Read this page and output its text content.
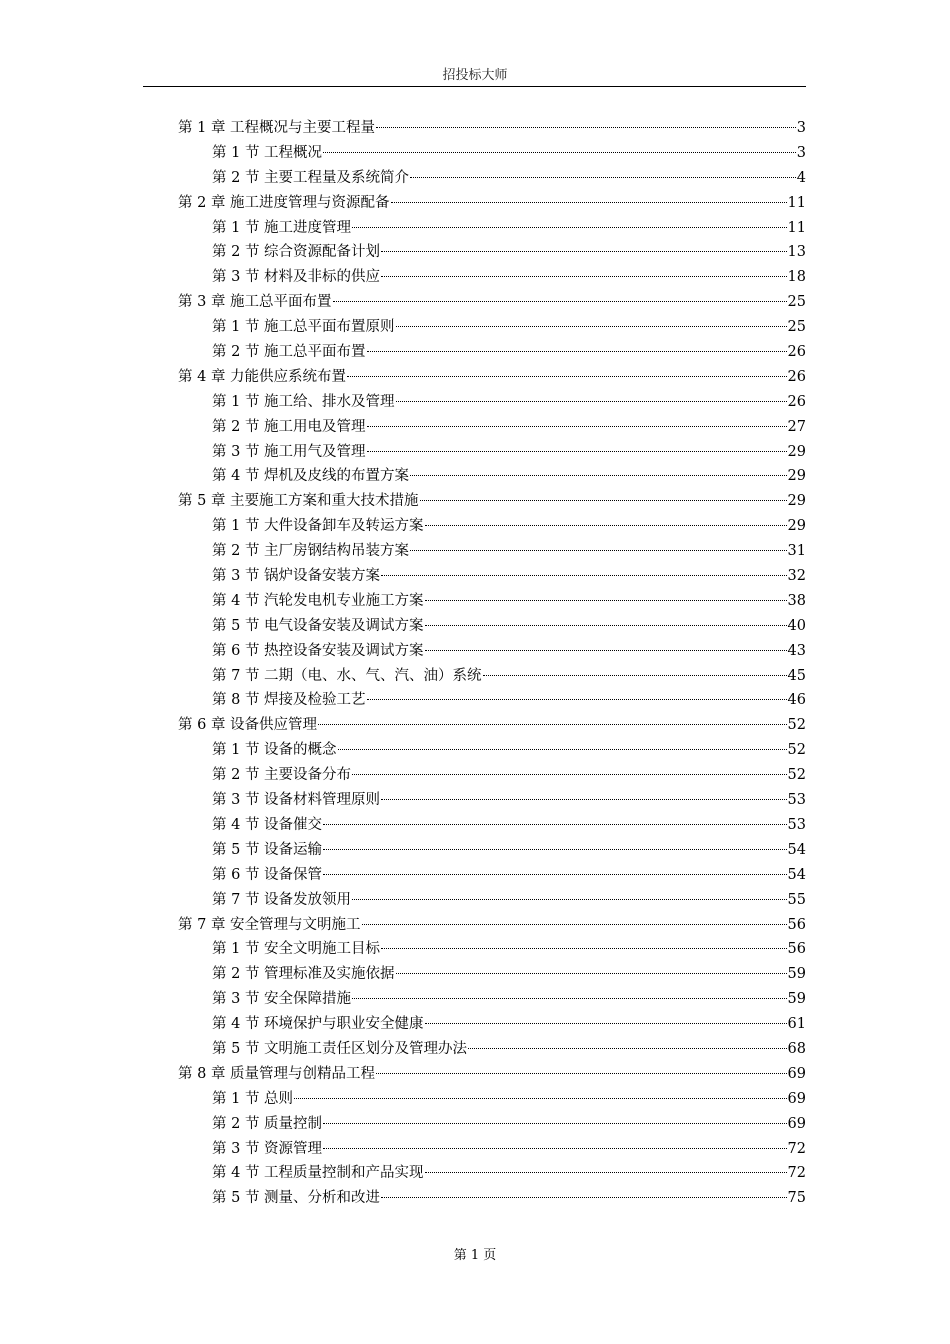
招投标大师
第 1 章 工程概况与主要工程量	3
第 1 节 工程概况	3
第 2 节 主要工程量及系统简介	4
第 2 章 施工进度管理与资源配备	11
第 1 节 施工进度管理	11
第 2 节 综合资源配备计划	13
第 3 节 材料及非标的供应	18
第 3 章 施工总平面布置	25
第 1 节 施工总平面布置原则	25
第 2 节 施工总平面布置	26
第 4 章 力能供应系统布置	26
第 1 节 施工给、排水及管理	26
第 2 节 施工用电及管理	27
第 3 节 施工用气及管理	29
第 4 节 焊机及皮线的布置方案	29
第 5 章 主要施工方案和重大技术措施	29
第 1 节 大件设备卸车及转运方案	29
第 2 节 主厂房钢结构吊装方案	31
第 3 节 锅炉设备安装方案	32
第 4 节 汽轮发电机专业施工方案	38
第 5 节 电气设备安装及调试方案	40
第 6 节 热控设备安装及调试方案	43
第 7 节 二期（电、水、气、汽、油）系统	45
第 8 节 焊接及检验工艺	46
第 6 章 设备供应管理	52
第 1 节 设备的概念	52
第 2 节 主要设备分布	52
第 3 节 设备材料管理原则	53
第 4 节 设备催交	53
第 5 节 设备运输	54
第 6 节 设备保管	54
第 7 节 设备发放领用	55
第 7 章 安全管理与文明施工	56
第 1 节 安全文明施工目标	56
第 2 节 管理标准及实施依据	59
第 3 节 安全保障措施	59
第 4 节 环境保护与职业安全健康	61
第 5 节 文明施工责任区划分及管理办法	68
第 8 章 质量管理与创精品工程	69
第 1 节 总则	69
第 2 节 质量控制	69
第 3 节 资源管理	72
第 4 节 工程质量控制和产品实现	72
第 5 节 测量、分析和改进	75
第 1 页
